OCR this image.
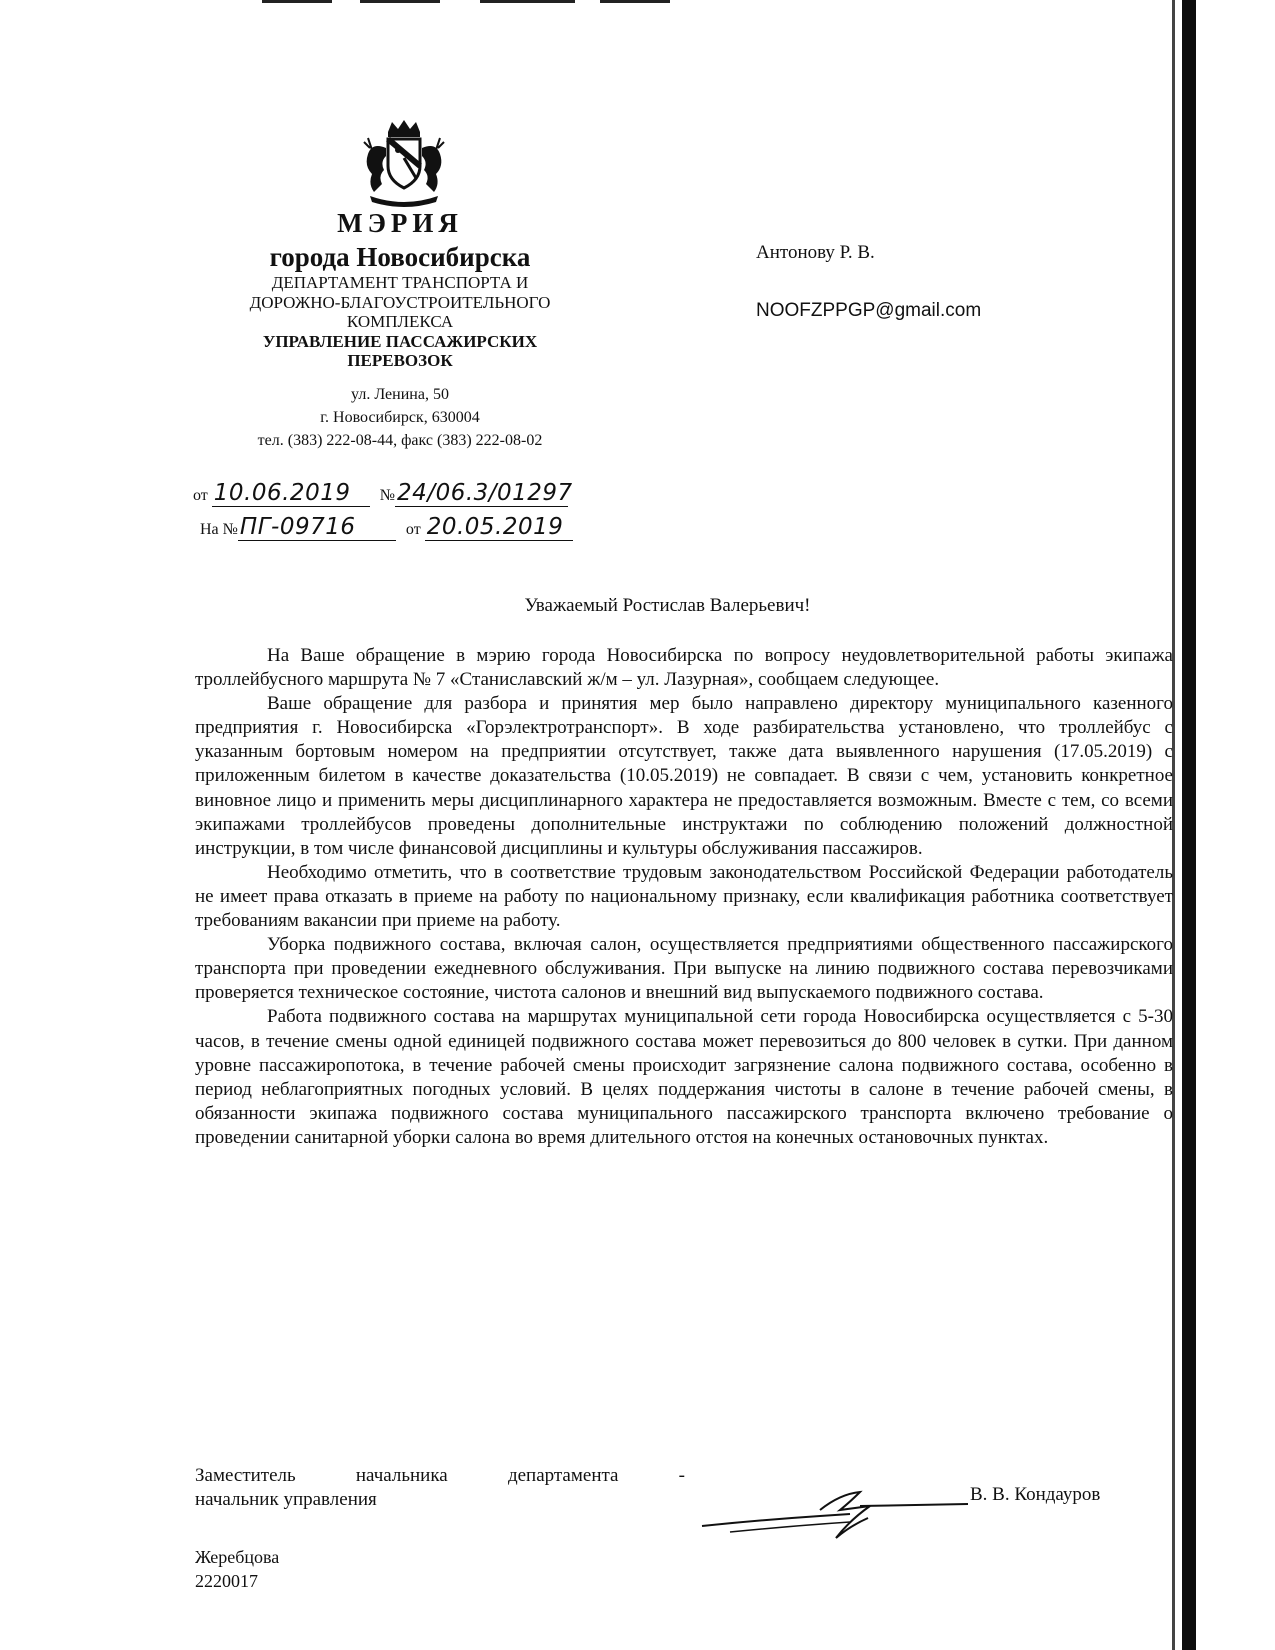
МЭРИЯ
города Новосибирска
ДЕПАРТАМЕНТ ТРАНСПОРТА И
ДОРОЖНО-БЛАГОУСТРОИТЕЛЬНОГО
КОМПЛЕКСА
УПРАВЛЕНИЕ ПАССАЖИРСКИХ
ПЕРЕВОЗОК
ул. Ленина, 50
г. Новосибирск, 630004
тел. (383) 222-08-44, факс (383) 222-08-02
от 10.06.2019 №24/06.3/01297
На №ПГ-09716	от 20.05.2019
Антонову Р. В.
NOOFZPPGP@gmail.com
Уважаемый Ростислав Валерьевич!

На Ваше обращение в мэрию города Новосибирска по вопросу неудовлетворительной работы экипажа троллейбусного маршрута № 7 «Станиславский ж/м – ул. Лазурная», сообщаем следующее.

Ваше обращение для разбора и принятия мер было направлено директору муниципального казенного предприятия г. Новосибирска «Горэлектротранспорт». В ходе разбирательства установлено, что троллейбус с указанным бортовым номером на предприятии отсутствует, также дата выявленного нарушения (17.05.2019) с приложенным билетом в качестве доказательства (10.05.2019) не совпадает. В связи с чем, установить конкретное виновное лицо и применить меры дисциплинарного характера не предоставляется возможным. Вместе с тем, со всеми экипажами троллейбусов проведены дополнительные инструктажи по соблюдению положений должностной инструкции, в том числе финансовой дисциплины и культуры обслуживания пассажиров.

Необходимо отметить, что в соответствие трудовым законодательством Российской Федерации работодатель не имеет права отказать в приеме на работу по национальному признаку, если квалификация работника соответствует требованиям вакансии при приеме на работу.

Уборка подвижного состава, включая салон, осуществляется предприятиями общественного пассажирского транспорта при проведении ежедневного обслуживания. При выпуске на линию подвижного состава перевозчиками проверяется техническое состояние, чистота салонов и внешний вид выпускаемого подвижного состава.

Работа подвижного состава на маршрутах муниципальной сети города Новосибирска осуществляется с 5-30 часов, в течение смены одной единицей подвижного состава может перевозиться до 800 человек в сутки. При данном уровне пассажиропотока, в течение рабочей смены происходит загрязнение салона подвижного состава, особенно в период неблагоприятных погодных условий. В целях поддержания чистоты в салоне в течение рабочей смены, в обязанности экипажа подвижного состава муниципального пассажирского транспорта включено требование о проведении санитарной уборки салона во время длительного отстоя на конечных остановочных пунктах.

Заместитель начальника департамента -
начальник управления	В. В. Кондауров
Жеребцова
2220017
